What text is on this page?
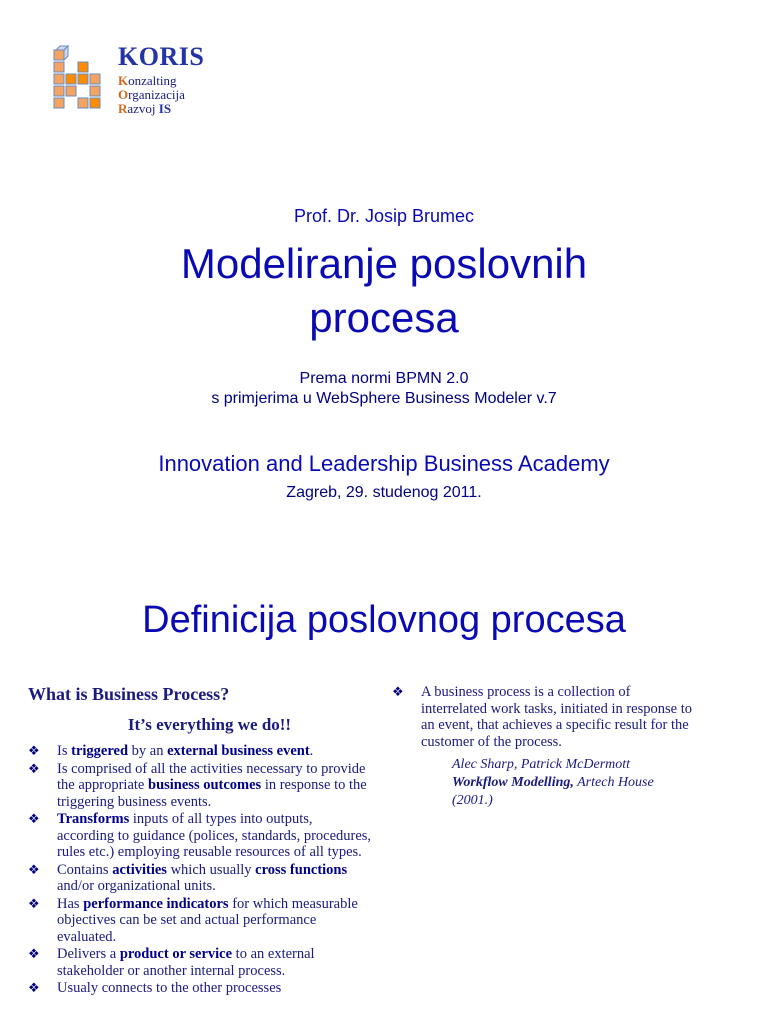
KORIS
Konzalting
Organizacija
Razvoj IS
Prof. Dr. Josip Brumec
Modeliranje poslovnih
procesa
Prema normi BPMN 2.0
s primjerima u WebSphere Business Modeler v.7
Innovation and Leadership Business Academy
Zagreb, 29. studenog 2011.
Definicija poslovnog procesa
What is Business Process?
It’s everything we do!!
❖ Is triggered by an external business event.
❖ Is comprised of all the activities necessary to provide the appropriate business outcomes in response to the triggering business events.
❖ Transforms inputs of all types into outputs, according to guidance (polices, standards, procedures, rules etc.) employing reusable resources of all types.
❖ Contains activities which usually cross functions and/or organizational units.
❖ Has performance indicators for which measurable objectives can be set and actual performance evaluated.
❖ Delivers a product or service to an external stakeholder or another internal process.
❖ Usualy connects to the other processes
❖ A business process is a collection of interrelated work tasks, initiated in response to an event, that achieves a specific result for the customer of the process.
Alec Sharp, Patrick McDermott
Workflow Modelling, Artech House (2001.)
